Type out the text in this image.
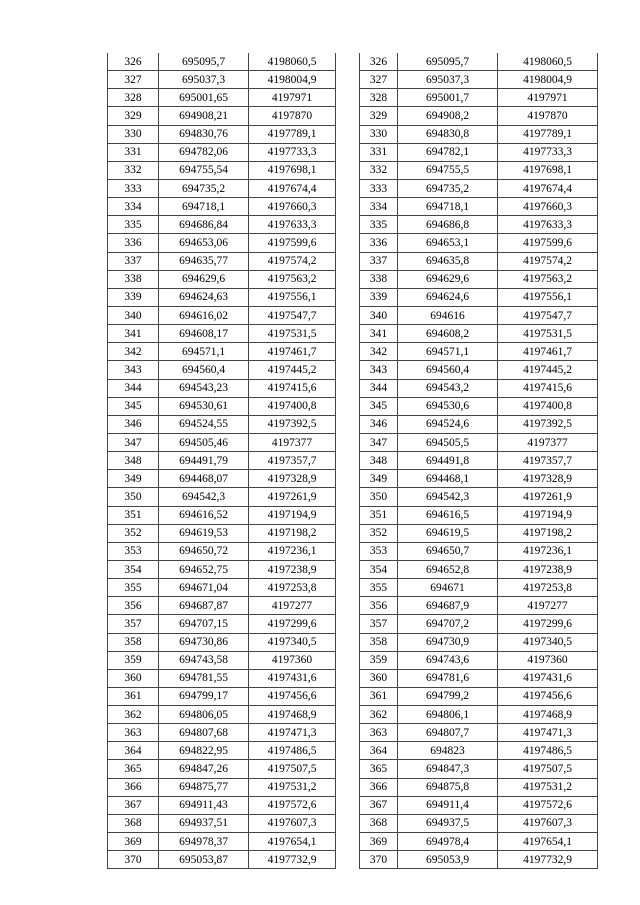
326	695095,7	4198060,5
327	695037,3	4198004,9
328	695001,65	4197971
329	694908,21	4197870
330	694830,76	4197789,1
331	694782,06	4197733,3
332	694755,54	4197698,1
333	694735,2	4197674,4
334	694718,1	4197660,3
335	694686,84	4197633,3
336	694653,06	4197599,6
337	694635,77	4197574,2
338	694629,6	4197563,2
339	694624,63	4197556,1
340	694616,02	4197547,7
341	694608,17	4197531,5
342	694571,1	4197461,7
343	694560,4	4197445,2
344	694543,23	4197415,6
345	694530,61	4197400,8
346	694524,55	4197392,5
347	694505,46	4197377
348	694491,79	4197357,7
349	694468,07	4197328,9
350	694542,3	4197261,9
351	694616,52	4197194,9
352	694619,53	4197198,2
353	694650,72	4197236,1
354	694652,75	4197238,9
355	694671,04	4197253,8
356	694687,87	4197277
357	694707,15	4197299,6
358	694730,86	4197340,5
359	694743,58	4197360
360	694781,55	4197431,6
361	694799,17	4197456,6
362	694806,05	4197468,9
363	694807,68	4197471,3
364	694822,95	4197486,5
365	694847,26	4197507,5
366	694875,77	4197531,2
367	694911,43	4197572,6
368	694937,51	4197607,3
369	694978,37	4197654,1
370	695053,87	4197732,9
326	695095,7	4198060,5
327	695037,3	4198004,9
328	695001,7	4197971
329	694908,2	4197870
330	694830,8	4197789,1
331	694782,1	4197733,3
332	694755,5	4197698,1
333	694735,2	4197674,4
334	694718,1	4197660,3
335	694686,8	4197633,3
336	694653,1	4197599,6
337	694635,8	4197574,2
338	694629,6	4197563,2
339	694624,6	4197556,1
340	694616	4197547,7
341	694608,2	4197531,5
342	694571,1	4197461,7
343	694560,4	4197445,2
344	694543,2	4197415,6
345	694530,6	4197400,8
346	694524,6	4197392,5
347	694505,5	4197377
348	694491,8	4197357,7
349	694468,1	4197328,9
350	694542,3	4197261,9
351	694616,5	4197194,9
352	694619,5	4197198,2
353	694650,7	4197236,1
354	694652,8	4197238,9
355	694671	4197253,8
356	694687,9	4197277
357	694707,2	4197299,6
358	694730,9	4197340,5
359	694743,6	4197360
360	694781,6	4197431,6
361	694799,2	4197456,6
362	694806,1	4197468,9
363	694807,7	4197471,3
364	694823	4197486,5
365	694847,3	4197507,5
366	694875,8	4197531,2
367	694911,4	4197572,6
368	694937,5	4197607,3
369	694978,4	4197654,1
370	695053,9	4197732,9
